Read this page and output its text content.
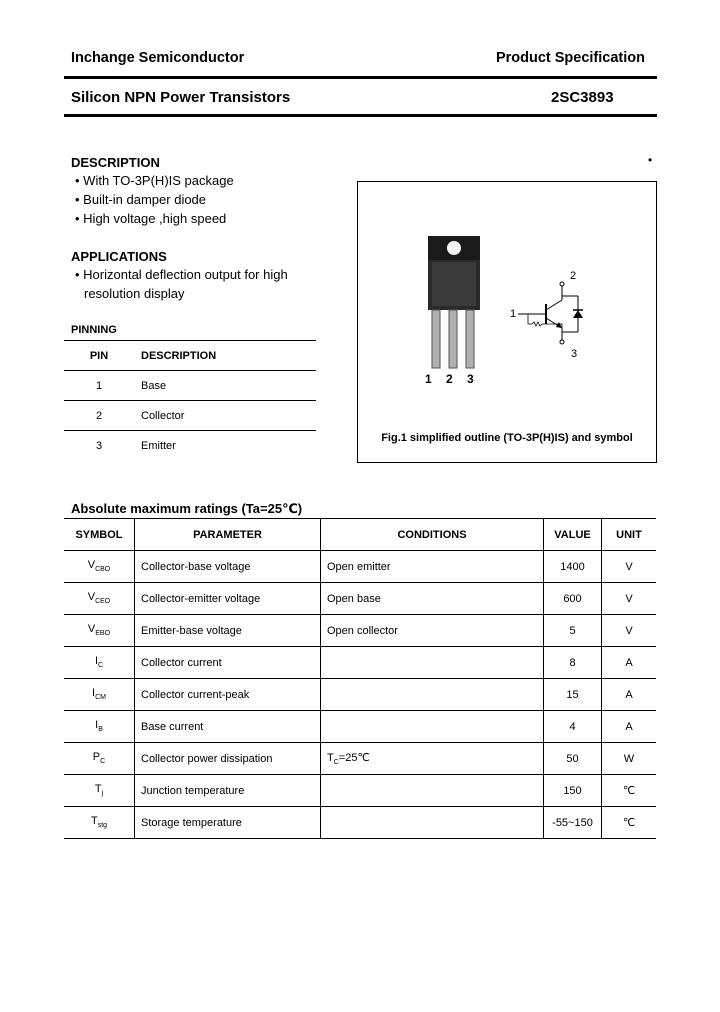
Inchange Semiconductor	Product Specification
Silicon NPN Power Transistors	2SC3893
DESCRIPTION
• With TO-3P(H)IS package
• Built-in damper diode
• High voltage ,high speed
•
APPLICATIONS
• Horizontal deflection output for high resolution display
PINNING
PIN	DESCRIPTION
1	Base
2	Collector
3	Emitter
1 2 3
1
2
3
Fig.1 simplified outline (TO-3P(H)IS) and symbol
Absolute maximum ratings (Ta=25℃)
SYMBOL	PARAMETER	CONDITIONS	VALUE	UNIT
$V_{CBO}$	Collector-base voltage	Open emitter	1400	V
$V_{CEO}$	Collector-emitter voltage	Open base	600	V
$V_{EBO}$	Emitter-base voltage	Open collector	5	V
$I_C$	Collector current		8	A
$I_{CM}$	Collector current-peak		15	A
$I_B$	Base current		4	A
$P_C$	Collector power dissipation	$T_C=25℃$	50	W
$T_j$	Junction temperature		150	℃
$T_{stg}$	Storage temperature		-55~150	℃
